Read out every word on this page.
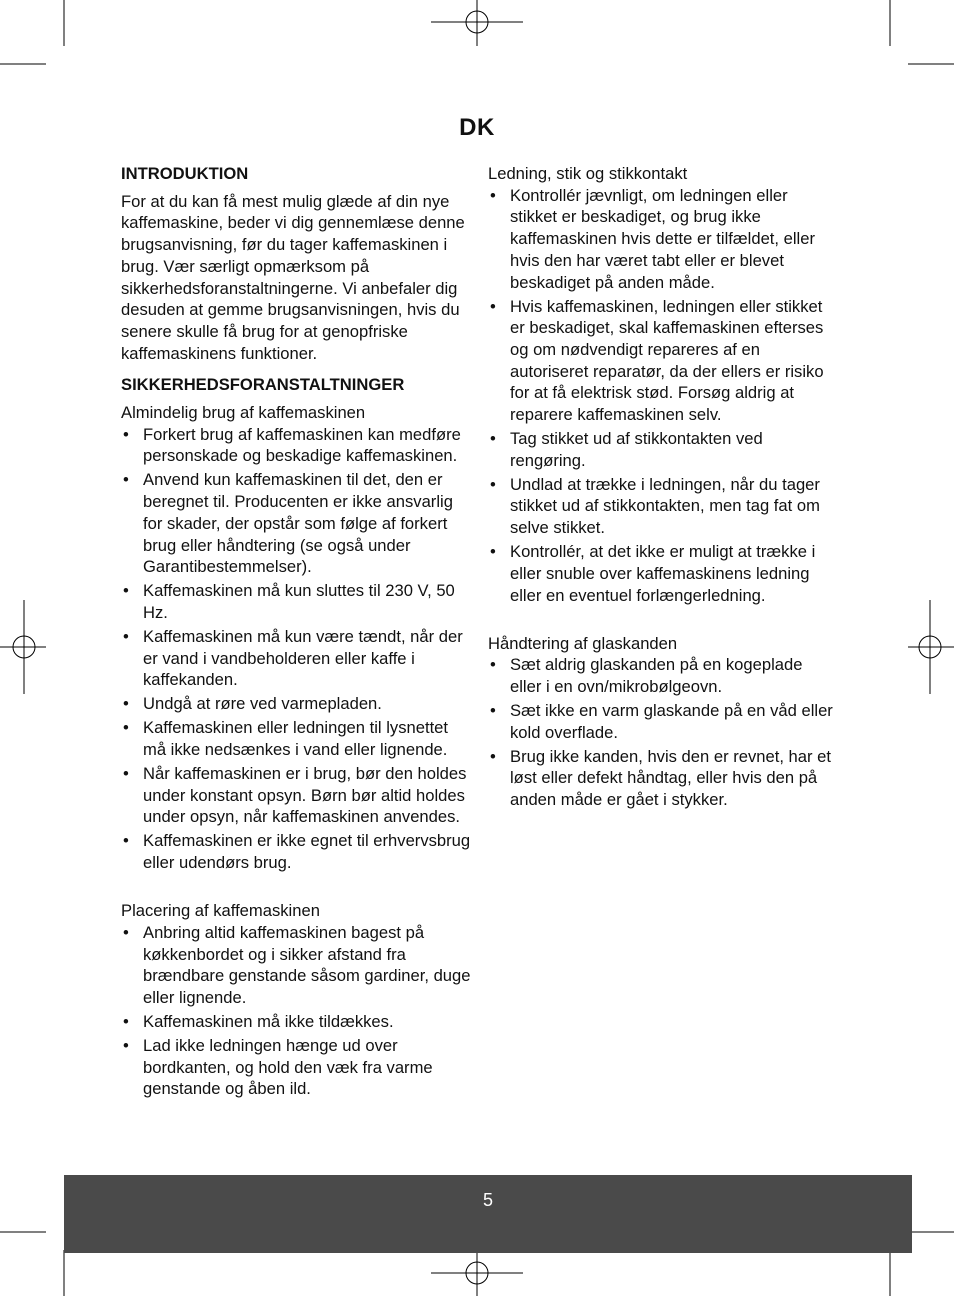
DK
INTRODUKTION

For at du kan få mest mulig glæde af din nye kaffemaskine, beder vi dig gennemlæse denne brugsanvisning, før du tager kaffemaskinen i brug. Vær særligt opmærksom på sikkerhedsforanstaltningerne. Vi anbefaler dig desuden at gemme brugsanvisningen, hvis du senere skulle få brug for at genopfriske kaffemaskinens funktioner.

SIKKERHEDSFORANSTALTNINGER
Almindelig brug af kaffemaskinen
• Forkert brug af kaffemaskinen kan medføre personskade og beskadige kaffemaskinen.
• Anvend kun kaffemaskinen til det, den er beregnet til. Producenten er ikke ansvarlig for skader, der opstår som følge af forkert brug eller håndtering (se også under Garantibestemmelser).
• Kaffemaskinen må kun sluttes til 230 V, 50 Hz.
• Kaffemaskinen må kun være tændt, når der er vand i vandbeholderen eller kaffe i kaffekanden.
• Undgå at røre ved varmepladen.
• Kaffemaskinen eller ledningen til lysnettet må ikke nedsænkes i vand eller lignende.
• Når kaffemaskinen er i brug, bør den holdes under konstant opsyn. Børn bør altid holdes under opsyn, når kaffemaskinen anvendes.
• Kaffemaskinen er ikke egnet til erhvervsbrug eller udendørs brug.
Placering af kaffemaskinen
• Anbring altid kaffemaskinen bagest på køkkenbordet og i sikker afstand fra brændbare genstande såsom gardiner, duge eller lignende.
• Kaffemaskinen må ikke tildækkes.
• Lad ikke ledningen hænge ud over bordkanten, og hold den væk fra varme genstande og åben ild.
Ledning, stik og stikkontakt
• Kontrollér jævnligt, om ledningen eller stikket er beskadiget, og brug ikke kaffemaskinen hvis dette er tilfældet, eller hvis den har været tabt eller er blevet beskadiget på anden måde.
• Hvis kaffemaskinen, ledningen eller stikket er beskadiget, skal kaffemaskinen efterses og om nødvendigt repareres af en autoriseret reparatør, da der ellers er risiko for at få elektrisk stød. Forsøg aldrig at reparere kaffemaskinen selv.
• Tag stikket ud af stikkontakten ved rengøring.
• Undlad at trække i ledningen, når du tager stikket ud af stikkontakten, men tag fat om selve stikket.
• Kontrollér, at det ikke er muligt at trække i eller snuble over kaffemaskinens ledning eller en eventuel forlængerledning.
Håndtering af glaskanden
• Sæt aldrig glaskanden på en kogeplade eller i en ovn/mikrobølgeovn.
• Sæt ikke en varm glaskande på en våd eller kold overflade.
• Brug ikke kanden, hvis den er revnet, har et løst eller defekt håndtag, eller hvis den på anden måde er gået i stykker.
5
